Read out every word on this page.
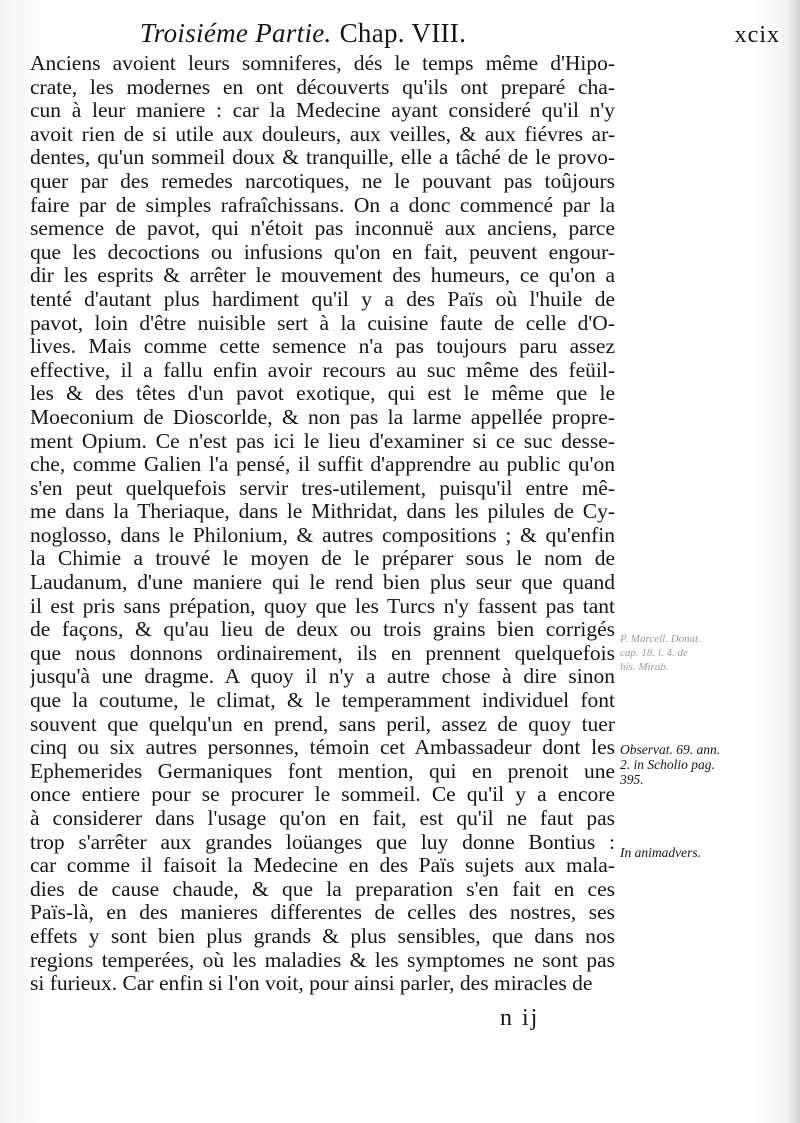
Troisiéme Partie. Chap. VIII.	xcix
Anciens avoient leurs somniferes, dés le temps même d'Hipo-
crate, les modernes en ont découverts qu'ils ont preparé cha-
cun à leur maniere : car la Medecine ayant consideré qu'il n'y
avoit rien de si utile aux douleurs, aux veilles, & aux fiévres ar-
dentes, qu'un sommeil doux & tranquille, elle a tâché de le provo-
quer par des remedes narcotiques, ne le pouvant pas toûjours
faire par de simples rafraîchissans. On a donc commencé par la
semence de pavot, qui n'étoit pas inconnuë aux anciens, parce
que les decoctions ou infusions qu'on en fait, peuvent engour-
dir les esprits & arrêter le mouvement des humeurs, ce qu'on a
tenté d'autant plus hardiment qu'il y a des Païs où l'huile de
pavot, loin d'être nuisible sert à la cuisine faute de celle d'O-
lives. Mais comme cette semence n'a pas toujours paru assez
effective, il a fallu enfin avoir recours au suc même des feüil-
les & des têtes d'un pavot exotique, qui est le même que le
Moeconium de Dioscorlde, & non pas la larme appellée propre-
ment Opium. Ce n'est pas ici le lieu d'examiner si ce suc desse-
che, comme Galien l'a pensé, il suffit d'apprendre au public qu'on
s'en peut quelquefois servir tres-utilement, puisqu'il entre mê-
me dans la Theriaque, dans le Mithridat, dans les pilules de Cy-
noglosso, dans le Philonium, & autres compositions ; & qu'enfin
la Chimie a trouvé le moyen de le préparer sous le nom de
Laudanum, d'une maniere qui le rend bien plus seur que quand
il est pris sans prépation, quoy que les Turcs n'y fassent pas tant
de façons, & qu'au lieu de deux ou trois grains bien corrigés
que nous donnons ordinairement, ils en prennent quelquefois
jusqu'à une dragme. A quoy il n'y a autre chose à dire sinon
que la coutume, le climat, & le temperamment individuel font
souvent que quelqu'un en prend, sans peril, assez de quoy tuer
cinq ou six autres personnes, témoin cet Ambassadeur dont les
Ephemerides Germaniques font mention, qui en prenoit une
once entiere pour se procurer le sommeil. Ce qu'il y a encore
à considerer dans l'usage qu'on en fait, est qu'il ne faut pas
trop s'arrêter aux grandes loüanges que luy donne Bontius :
car comme il faisoit la Medecine en des Païs sujets aux mala-
dies de cause chaude, & que la preparation s'en fait en ces
Païs-là, en des manieres differentes de celles des nostres, ses
effets y sont bien plus grands & plus sensibles, que dans nos
regions temperées, où les maladies & les symptomes ne sont pas
si furieux. Car enfin si l'on voit, pour ainsi parler, des miracles de
P. Marcell. Donat.
cap. 18. l. 4. de
his. Mirab.
Observat. 69. ann.
2. in Scholio pag.
395.
In animadvers.
n ij
